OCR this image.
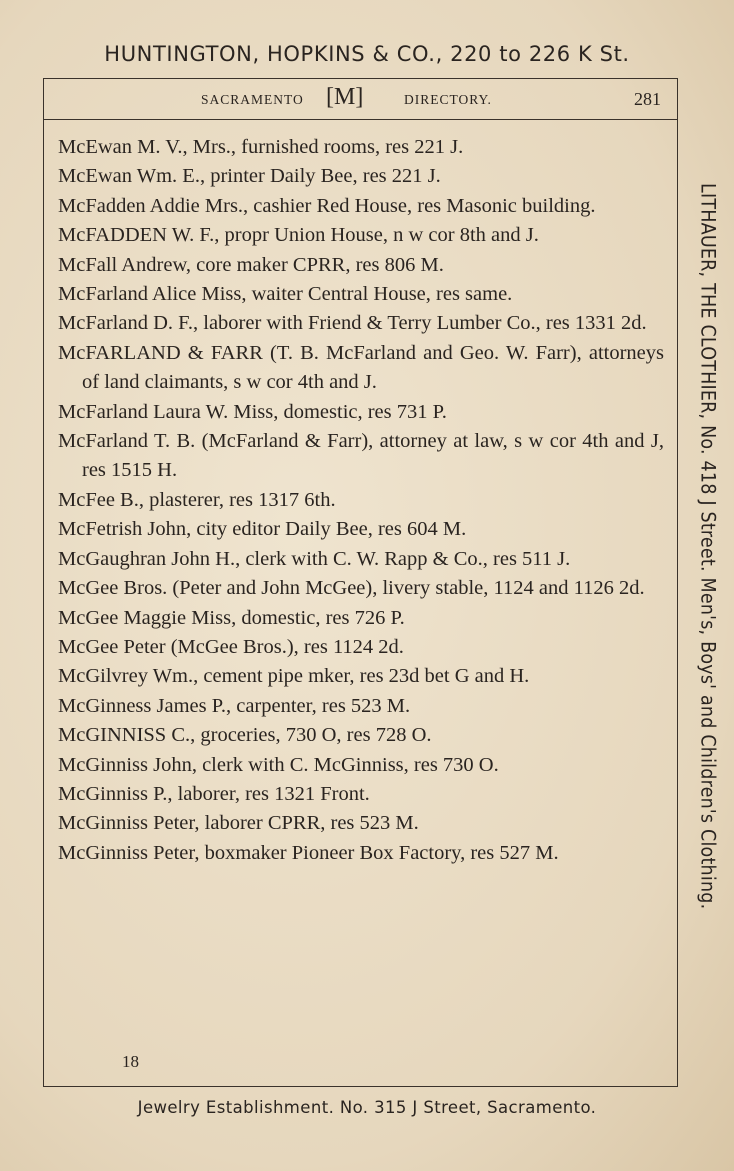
HUNTINGTON, HOPKINS & CO., 220 to 226 K St.
SACRAMENTO [M]	DIRECTORY.	281
McEwan M. V., Mrs., furnished rooms, res 221 J.
McEwan Wm. E., printer Daily Bee, res 221 J.
McFadden Addie Mrs., cashier Red House, res Masonic building.
McFADDEN W. F., propr Union House, n w cor 8th and J.
McFall Andrew, core maker CPRR, res 806 M.
McFarland Alice Miss, waiter Central House, res same.
McFarland D. F., laborer with Friend & Terry Lumber Co., res 1331 2d.
McFARLAND & FARR (T. B. McFarland and Geo. W. Farr), attorneys of land claimants, s w cor 4th and J.
McFarland Laura W. Miss, domestic, res 731 P.
McFarland T. B. (McFarland & Farr), attorney at law, s w cor 4th and J, res 1515 H.
McFee B., plasterer, res 1317 6th.
McFetrish John, city editor Daily Bee, res 604 M.
McGaughran John H., clerk with C. W. Rapp & Co., res 511 J.
McGee Bros. (Peter and John McGee), livery stable, 1124 and 1126 2d.
McGee Maggie Miss, domestic, res 726 P.
McGee Peter (McGee Bros.), res 1124 2d.
McGilvrey Wm., cement pipe mker, res 23d bet G and H.
McGinness James P., carpenter, res 523 M.
McGINNISS C., groceries, 730 O, res 728 O.
McGinniss John, clerk with C. McGinniss, res 730 O.
McGinniss P., laborer, res 1321 Front.
McGinniss Peter, laborer CPRR, res 523 M.
McGinniss Peter, boxmaker Pioneer Box Factory, res 527 M.
18
LITHAUER, THE CLOTHIER, No. 418 J Street. Men's, Boys' and Children's Clothing.
Jewelry Establishment. No. 315 J Street, Sacramento.
